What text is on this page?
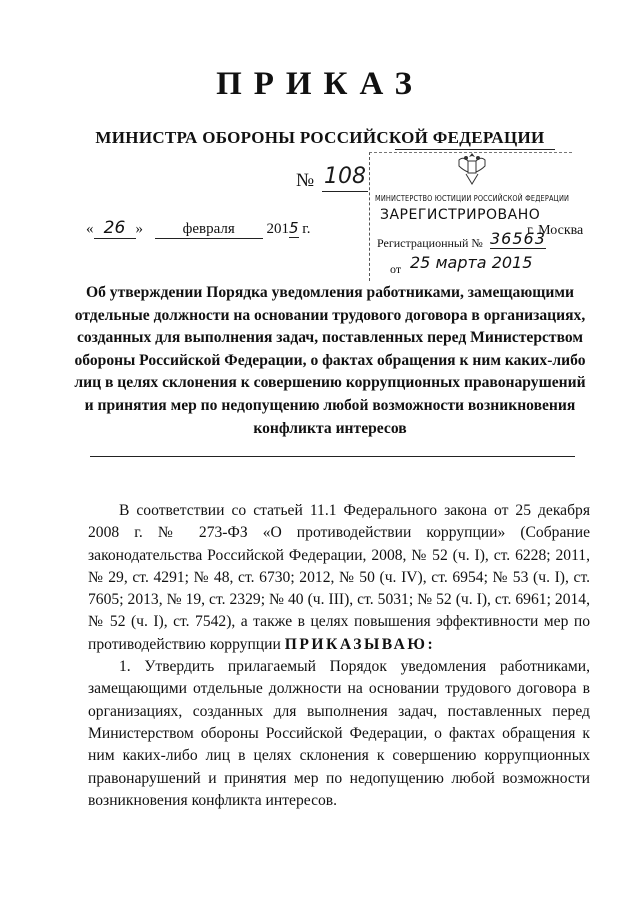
ПРИКАЗ
МИНИСТРА ОБОРОНЫ РОССИЙСКОЙ ФЕДЕРАЦИИ
№ 108
« 26 »	февраля 2015 г.
МИНИСТЕРСТВО ЮСТИЦИИ РОССИЙСКОЙ ФЕДЕРАЦИИ
ЗАРЕГИСТРИРОВАНО
г. Москва
Регистрационный № 36563
от 25 марта 2015
Об утверждении Порядка уведомления работниками, замещающими отдельные должности на основании трудового договора в организациях, созданных для выполнения задач, поставленных перед Министерством обороны Российской Федерации, о фактах обращения к ним каких-либо лиц в целях склонения к совершению коррупционных правонарушений и принятия мер по недопущению любой возможности возникновения конфликта интересов

В соответствии со статьей 11.1 Федерального закона от 25 декабря 2008 г. № 273-ФЗ «О противодействии коррупции» (Собрание законодательства Российской Федерации, 2008, № 52 (ч. I), ст. 6228; 2011, № 29, ст. 4291; № 48, ст. 6730; 2012, № 50 (ч. IV), ст. 6954; № 53 (ч. I), ст. 7605; 2013, № 19, ст. 2329; № 40 (ч. III), ст. 5031; № 52 (ч. I), ст. 6961; 2014, № 52 (ч. I), ст. 7542), а также в целях повышения эффективности мер по противодействию коррупции ПРИКАЗЫВАЮ:

1. Утвердить прилагаемый Порядок уведомления работниками, замещающими отдельные должности на основании трудового договора в организациях, созданных для выполнения задач, поставленных перед Министерством обороны Российской Федерации, о фактах обращения к ним каких-либо лиц в целях склонения к совершению коррупционных правонарушений и принятия мер по недопущению любой возможности возникновения конфликта интересов.
